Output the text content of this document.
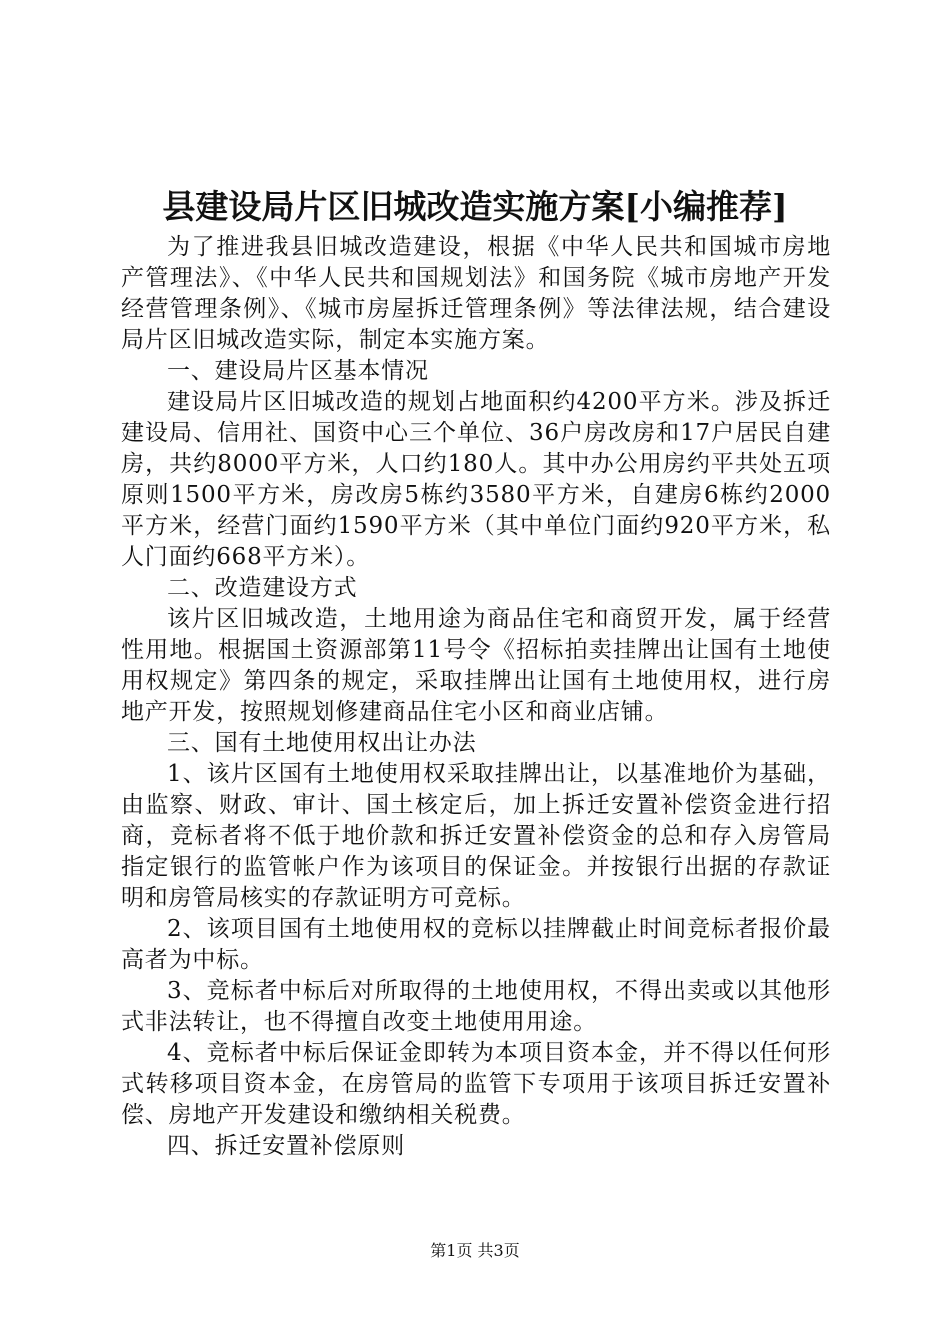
县建设局片区旧城改造实施方案[小编推荐]

为了推进我县旧城改造建设，根据《中华人民共和国城市房地产管理法》、《中华人民共和国规划法》和国务院《城市房地产开发经营管理条例》、《城市房屋拆迁管理条例》等法律法规，结合建设局片区旧城改造实际，制定本实施方案。

一、建设局片区基本情况

建设局片区旧城改造的规划占地面积约4200平方米。涉及拆迁建设局、信用社、国资中心三个单位、36户房改房和17户居民自建房，共约8000平方米，人口约180人。其中办公用房约平共处五项原则1500平方米，房改房5栋约3580平方米，自建房6栋约2000平方米，经营门面约1590平方米（其中单位门面约920平方米，私人门面约668平方米）。

二、改造建设方式

该片区旧城改造，土地用途为商品住宅和商贸开发，属于经营性用地。根据国土资源部第11号令《招标拍卖挂牌出让国有土地使用权规定》第四条的规定，采取挂牌出让国有土地使用权，进行房地产开发，按照规划修建商品住宅小区和商业店铺。

三、国有土地使用权出让办法

1、该片区国有土地使用权采取挂牌出让，以基准地价为基础，由监察、财政、审计、国土核定后，加上拆迁安置补偿资金进行招商，竞标者将不低于地价款和拆迁安置补偿资金的总和存入房管局指定银行的监管帐户作为该项目的保证金。并按银行出据的存款证明和房管局核实的存款证明方可竞标。

2、该项目国有土地使用权的竞标以挂牌截止时间竞标者报价最高者为中标。

3、竞标者中标后对所取得的土地使用权，不得出卖或以其他形式非法转让，也不得擅自改变土地使用用途。

4、竞标者中标后保证金即转为本项目资本金，并不得以任何形式转移项目资本金，在房管局的监管下专项用于该项目拆迁安置补偿、房地产开发建设和缴纳相关税费。

四、拆迁安置补偿原则

第1页 共3页
